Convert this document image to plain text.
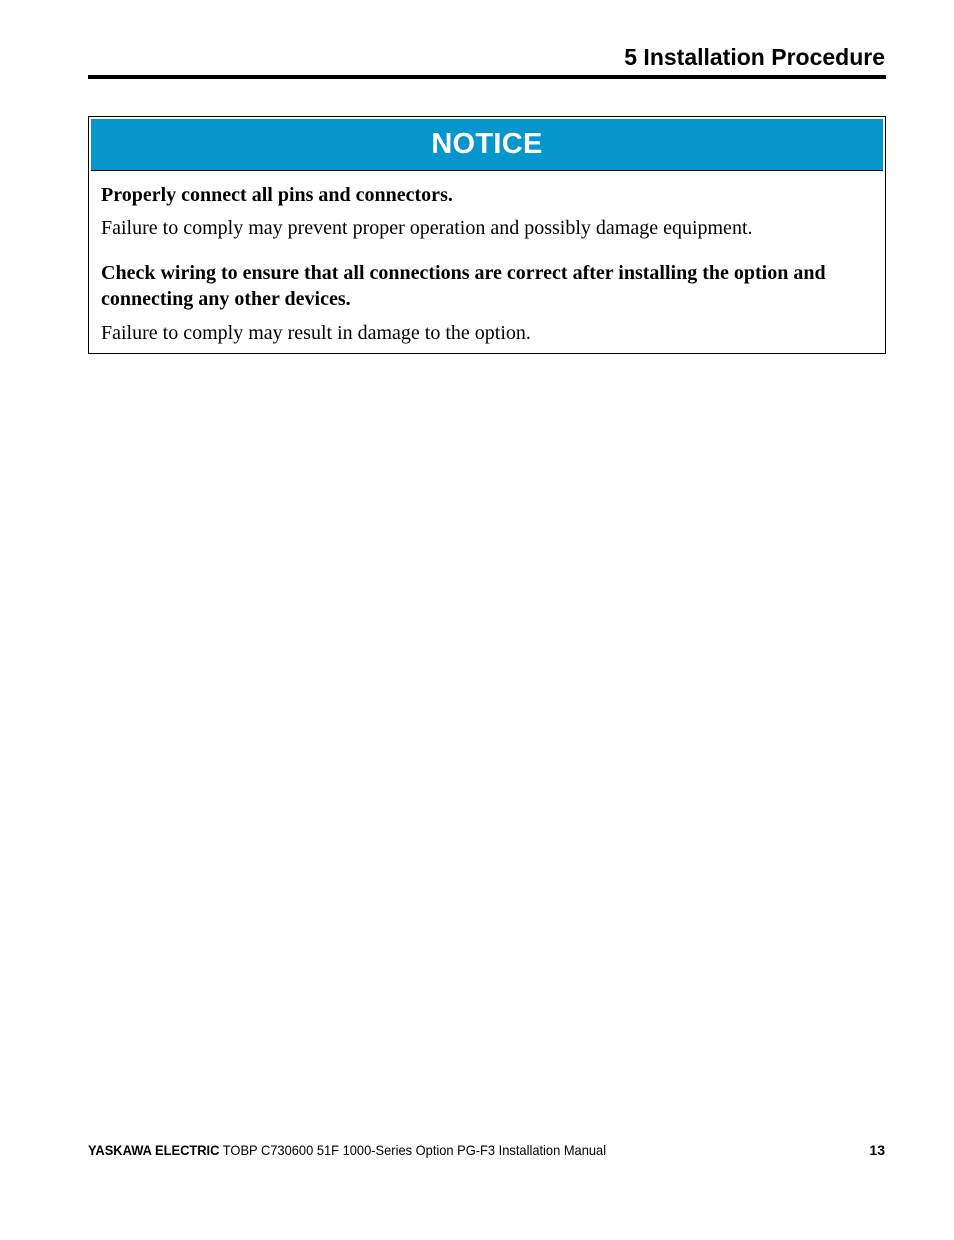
5 Installation Procedure
NOTICE

Properly connect all pins and connectors.

Failure to comply may prevent proper operation and possibly damage equipment.

Check wiring to ensure that all connections are correct after installing the option and connecting any other devices.

Failure to comply may result in damage to the option.

YASKAWA ELECTRIC TOBP C730600 51F 1000-Series Option PG-F3 Installation Manual	13
